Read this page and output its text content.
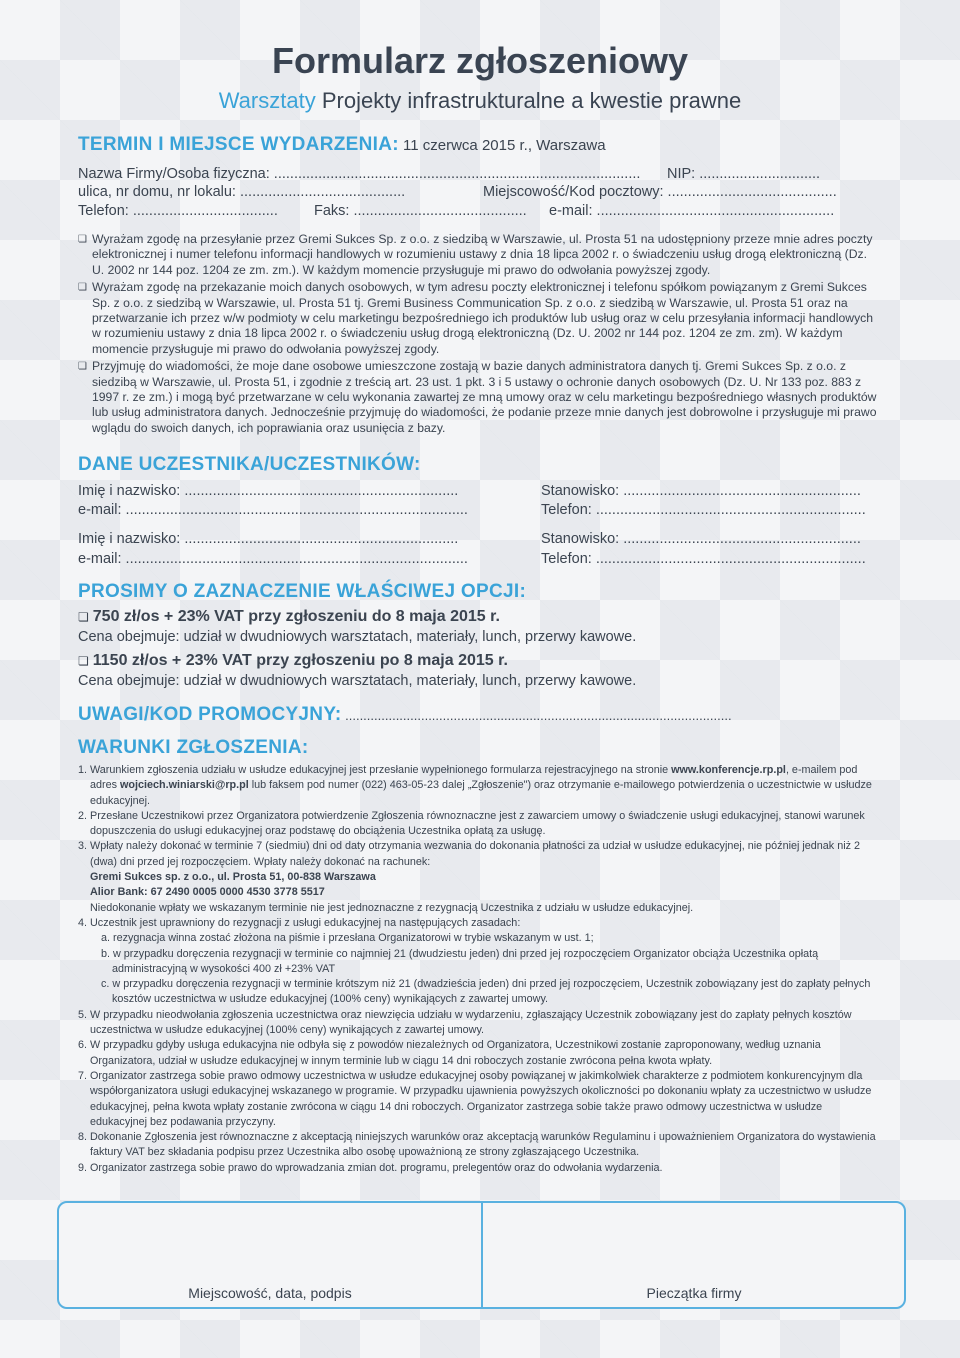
Formularz zgłoszeniowy

Warsztaty Projekty infrastrukturalne a kwestie prawne

TERMIN I MIEJSCE WYDARZENIA: 11 czerwca 2015 r., Warszawa
Nazwa Firmy/Osoba fizyczna: ........................................................................................... NIP: ..............................
ulica, nr domu, nr lokalu: .........................................	Miejscowość/Kod pocztowy: ..........................................
Telefon: .................................... Faks: ........................................... e-mail: ...........................................................
❏ Wyrażam zgodę na przesyłanie przez Gremi Sukces Sp. z o.o. z siedzibą w Warszawie, ul. Prosta 51 na udostępniony przeze mnie adres poczty elektronicznej i numer telefonu informacji handlowych w rozumieniu ustawy z dnia 18 lipca 2002 r. o świadczeniu usług drogą elektroniczną (Dz. U. 2002 nr 144 poz. 1204 ze zm. zm.). W każdym momencie przysługuje mi prawo do odwołania powyższej zgody.
❏ Wyrażam zgodę na przekazanie moich danych osobowych, w tym adresu poczty elektronicznej i telefonu spółkom powiązanym z Gremi Sukces Sp. z o.o. z siedzibą w Warszawie, ul. Prosta 51 tj. Gremi Business Communication Sp. z o.o. z siedzibą w Warszawie, ul. Prosta 51 oraz na przetwarzanie ich przez w/w podmioty w celu marketingu bezpośredniego ich produktów lub usług oraz w celu przesyłania informacji handlowych w rozumieniu ustawy z dnia 18 lipca 2002 r. o świadczeniu usług drogą elektroniczną (Dz. U. 2002 nr 144 poz. 1204 ze zm. zm). W każdym momencie przysługuje mi prawo do odwołania powyższej zgody.
❏ Przyjmuję do wiadomości, że moje dane osobowe umieszczone zostają w bazie danych administratora danych tj. Gremi Sukces Sp. z o.o. z siedzibą w Warszawie, ul. Prosta 51, i zgodnie z treścią art. 23 ust. 1 pkt. 3 i 5 ustawy o ochronie danych osobowych (Dz. U. Nr 133 poz. 883 z 1997 r. ze zm.) i mogą być przetwarzane w celu wykonania zawartej ze mną umowy oraz w celu marketingu bezpośredniego własnych produktów lub usług administratora danych. Jednocześnie przyjmuję do wiadomości, że podanie przeze mnie danych jest dobrowolne i przysługuje mi prawo wglądu do swoich danych, ich poprawiania oraz usunięcia z bazy.
DANE UCZESTNIKA/UCZESTNIKÓW:
Imię i nazwisko: ....................................................................	Stanowisko: ...........................................................
e-mail: .....................................................................................	Telefon: ...................................................................
Imię i nazwisko: ....................................................................	Stanowisko: ...........................................................
e-mail: .....................................................................................	Telefon: ...................................................................
PROSIMY O ZAZNACZENIE WŁAŚCIWEJ OPCJI:
❏ 750 zł/os + 23% VAT przy zgłoszeniu do 8 maja 2015 r.
Cena obejmuje: udział w dwudniowych warsztatach, materiały, lunch, przerwy kawowe.
❏ 1150 zł/os + 23% VAT przy zgłoszeniu po 8 maja 2015 r.
Cena obejmuje: udział w dwudniowych warsztatach, materiały, lunch, przerwy kawowe.
UWAGI/KOD PROMOCYJNY: ...........................................................................................................
WARUNKI ZGŁOSZENIA:
1. Warunkiem zgłoszenia udziału w usłudze edukacyjnej jest przesłanie wypełnionego formularza rejestracyjnego na stronie www.konferencje.rp.pl, e-mailem pod adres wojciech.winiarski@rp.pl lub faksem pod numer (022) 463-05-23 dalej „Zgłoszenie") oraz otrzymanie e-mailowego potwierdzenia o uczestnictwie w usłudze edukacyjnej.
2. Przesłane Uczestnikowi przez Organizatora potwierdzenie Zgłoszenia równoznaczne jest z zawarciem umowy o świadczenie usługi edukacyjnej, stanowi warunek dopuszczenia do usługi edukacyjnej oraz podstawę do obciążenia Uczestnika opłatą za usługę.
3. Wpłaty należy dokonać w terminie 7 (siedmiu) dni od daty otrzymania wezwania do dokonania płatności za udział w usłudze edukacyjnej, nie później jednak niż 2 (dwa) dni przed jej rozpoczęciem. Wpłaty należy dokonać na rachunek:
Gremi Sukces sp. z o.o., ul. Prosta 51, 00-838 Warszawa
Alior Bank: 67 2490 0005 0000 4530 3778 5517
Niedokonanie wpłaty we wskazanym terminie nie jest jednoznaczne z rezygnacją Uczestnika z udziału w usłudze edukacyjnej.
4. Uczestnik jest uprawniony do rezygnacji z usługi edukacyjnej na następujących zasadach:
a. rezygnacja winna zostać złożona na piśmie i przesłana Organizatorowi w trybie wskazanym w ust. 1;
b. w przypadku doręczenia rezygnacji w terminie co najmniej 21 (dwudziestu jeden) dni przed jej rozpoczęciem Organizator obciąża Uczestnika opłatą administracyjną w wysokości 400 zł +23% VAT
c. w przypadku doręczenia rezygnacji w terminie krótszym niż 21 (dwadzieścia jeden) dni przed jej rozpoczęciem, Uczestnik zobowiązany jest do zapłaty pełnych kosztów uczestnictwa w usłudze edukacyjnej (100% ceny) wynikających z zawartej umowy.
5. W przypadku nieodwołania zgłoszenia uczestnictwa oraz niewzięcia udziału w wydarzeniu, zgłaszający Uczestnik zobowiązany jest do zapłaty pełnych kosztów uczestnictwa w usłudze edukacyjnej (100% ceny) wynikających z zawartej umowy.
6. W przypadku gdyby usługa edukacyjna nie odbyła się z powodów niezależnych od Organizatora, Uczestnikowi zostanie zaproponowany, według uznania Organizatora, udział w usłudze edukacyjnej w innym terminie lub w ciągu 14 dni roboczych zostanie zwrócona pełna kwota wpłaty.
7. Organizator zastrzega sobie prawo odmowy uczestnictwa w usłudze edukacyjnej osoby powiązanej w jakimkolwiek charakterze z podmiotem konkurencyjnym dla współorganizatora usługi edukacyjnej wskazanego w programie. W przypadku ujawnienia powyższych okoliczności po dokonaniu wpłaty za uczestnictwo w usłudze edukacyjnej, pełna kwota wpłaty zostanie zwrócona w ciągu 14 dni roboczych. Organizator zastrzega sobie także prawo odmowy uczestnictwa w usłudze edukacyjnej bez podawania przyczyny.
8. Dokonanie Zgłoszenia jest równoznaczne z akceptacją niniejszych warunków oraz akceptacją warunków Regulaminu i upoważnieniem Organizatora do wystawienia faktury VAT bez składania podpisu przez Uczestnika albo osobę upoważnioną ze strony zgłaszającego Uczestnika.
9. Organizator zastrzega sobie prawo do wprowadzania zmian dot. programu, prelegentów oraz do odwołania wydarzenia.
Miejscowość, data, podpis	Pieczątka firmy
